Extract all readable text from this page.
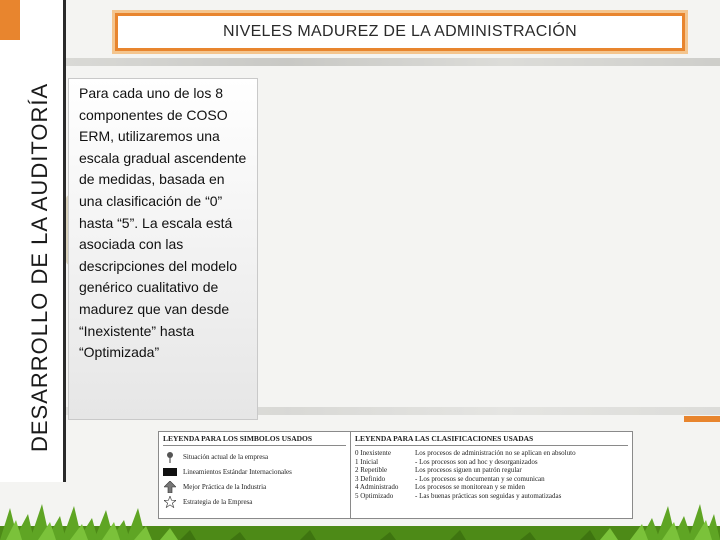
DESARROLLO DE LA AUDITORÍA
NIVELES MADUREZ DE LA ADMINISTRACIÓN

Para cada uno de los 8 componentes de COSO ERM, utilizaremos una escala gradual ascendente de medidas, basada en una clasificación de “0” hasta “5”. La escala está asociada con las descripciones del modelo genérico cualitativo de madurez que van desde “Inexistente” hasta “Optimizada”

LEYENDA PARA LOS SIMBOLOS USADOS
Situación actual de la empresa
Lineamientos Estándar Internacionales
Mejor Práctica de la Industria
Estrategia de la Empresa
LEYENDA PARA LAS CLASIFICACIONES USADAS
0 Inexistente	Los procesos de administración no se aplican en absoluto
1 Inicial	- Los procesos son ad hoc y desorganizados
2 Repetible	Los procesos siguen un patrón regular
3 Definido	- Los procesos se documentan y se comunican
4 Administrado	Los procesos se monitorean y se miden
5 Optimizado	- Las buenas prácticas son seguidas y automatizadas
